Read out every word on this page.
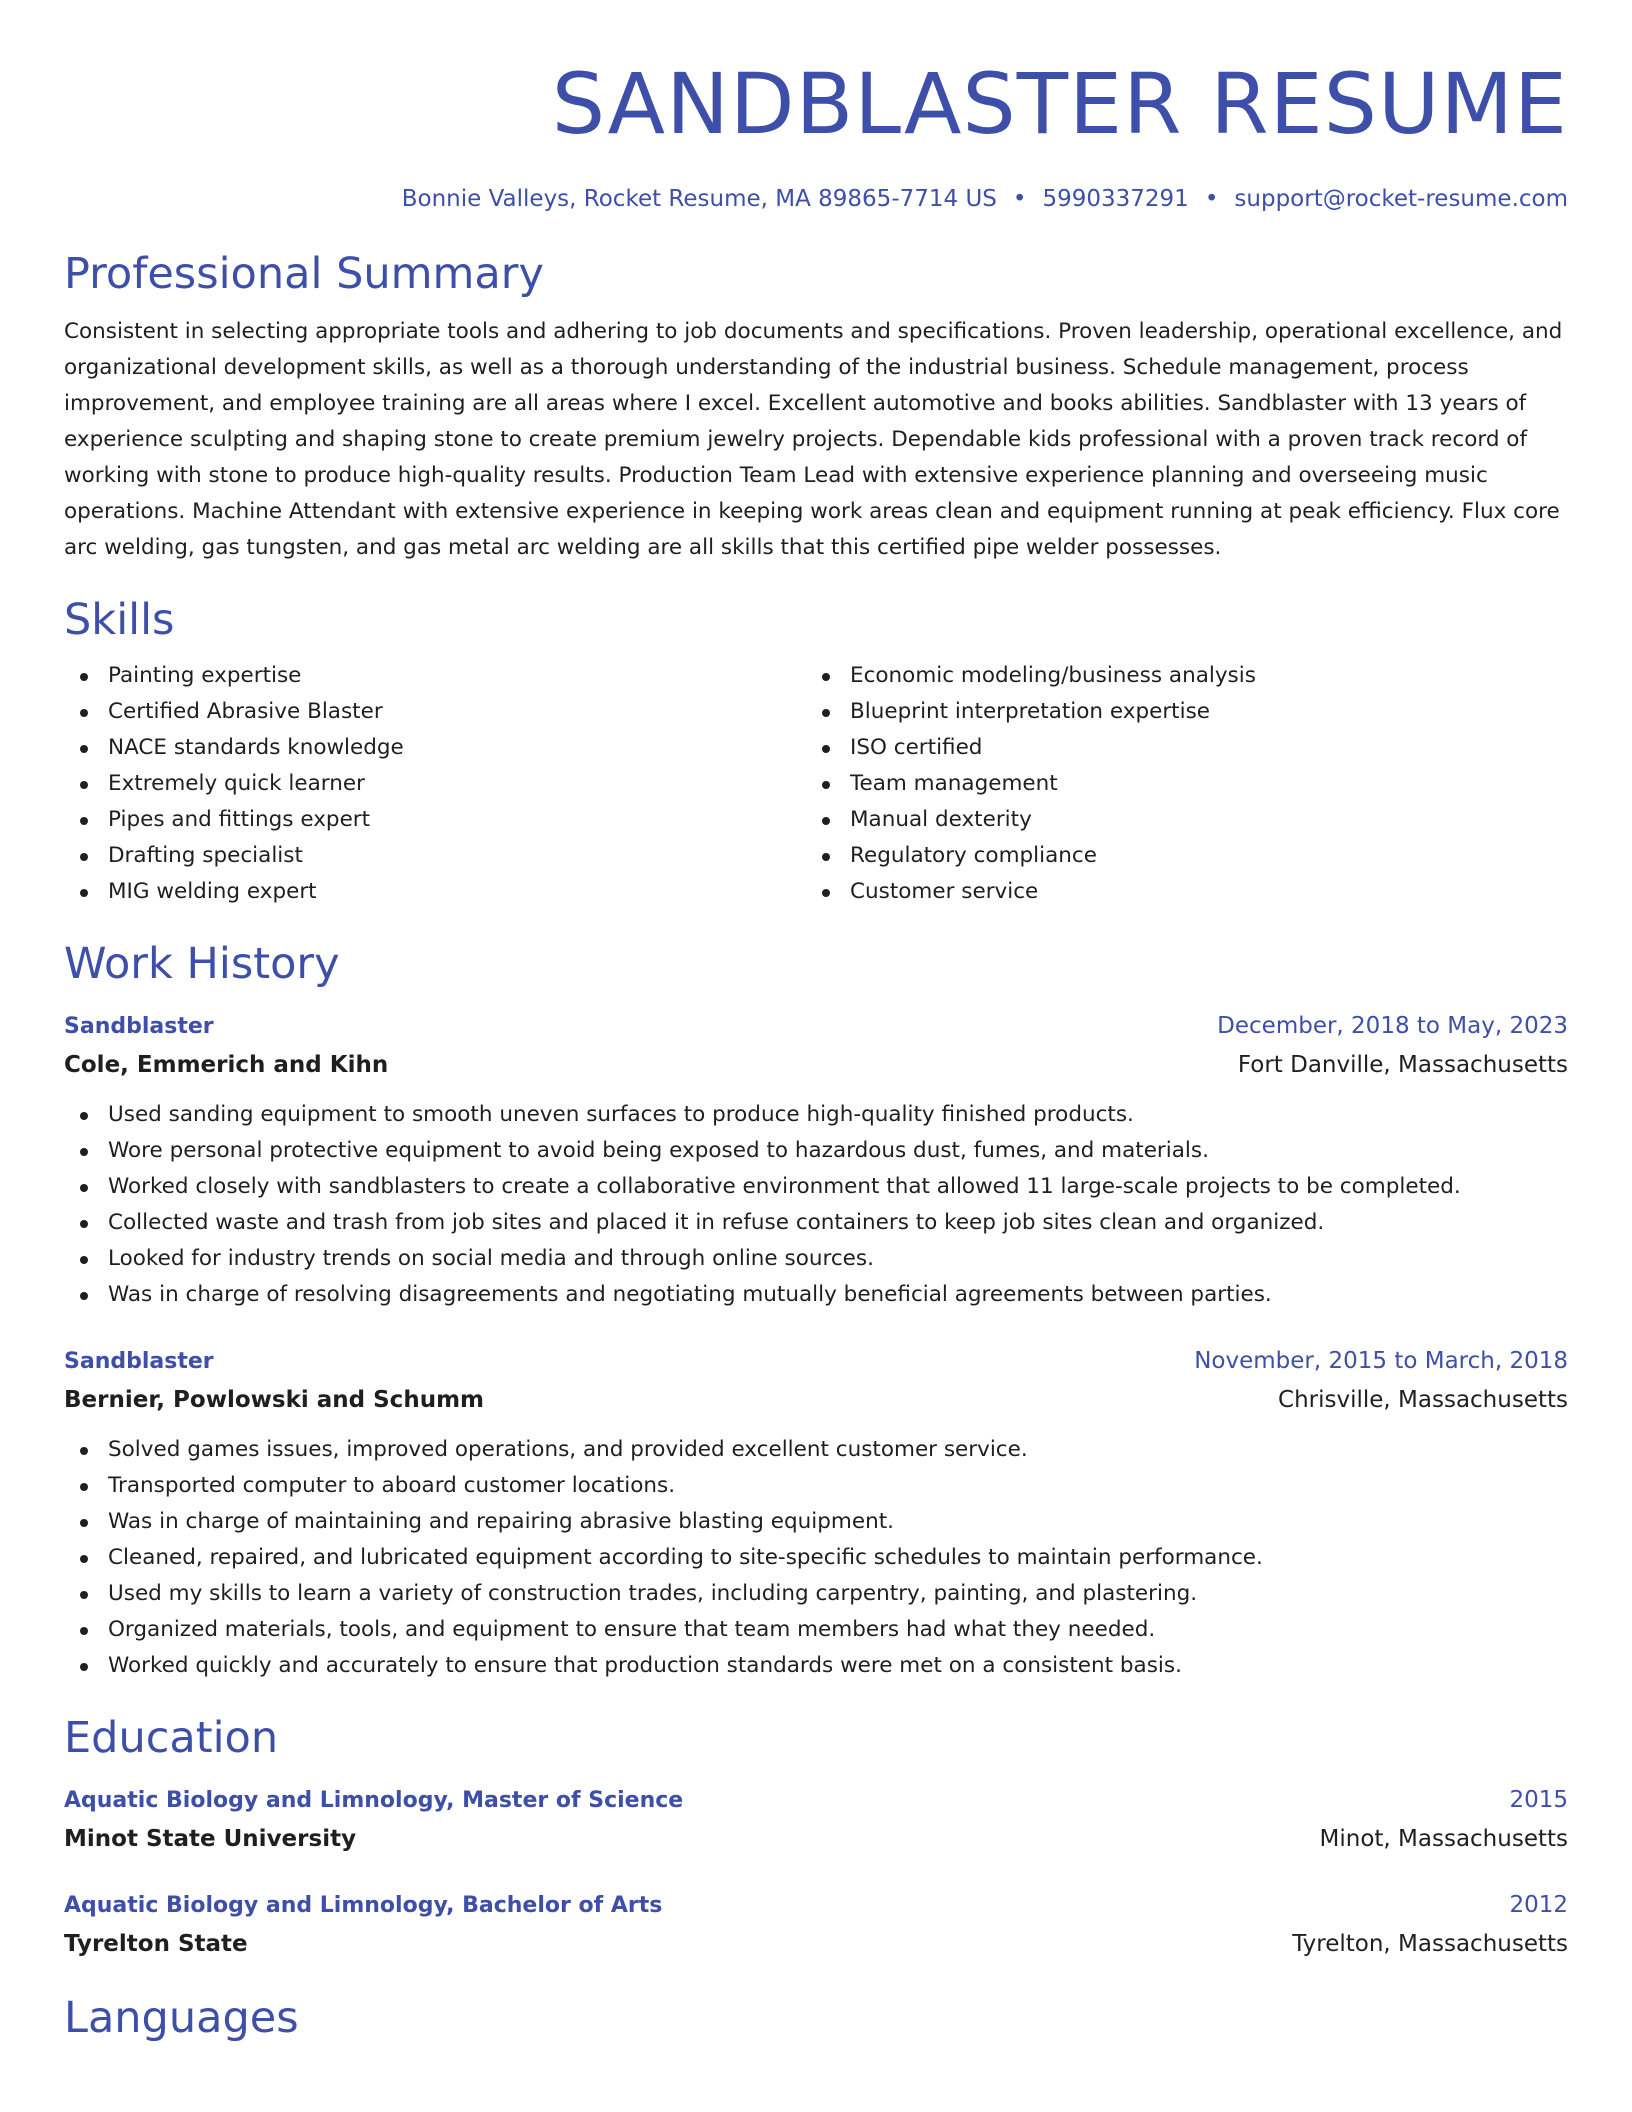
SANDBLASTER RESUME
Bonnie Valleys, Rocket Resume, MA 89865-7714 US • 5990337291 • support@rocket-resume.com
Professional Summary
Consistent in selecting appropriate tools and adhering to job documents and specifications. Proven leadership, operational excellence, and organizational development skills, as well as a thorough understanding of the industrial business. Schedule management, process improvement, and employee training are all areas where I excel. Excellent automotive and books abilities. Sandblaster with 13 years of experience sculpting and shaping stone to create premium jewelry projects. Dependable kids professional with a proven track record of working with stone to produce high-quality results. Production Team Lead with extensive experience planning and overseeing music operations. Machine Attendant with extensive experience in keeping work areas clean and equipment running at peak efficiency. Flux core arc welding, gas tungsten, and gas metal arc welding are all skills that this certified pipe welder possesses.
Skills
Painting expertise
Certified Abrasive Blaster
NACE standards knowledge
Extremely quick learner
Pipes and fittings expert
Drafting specialist
MIG welding expert
Economic modeling/business analysis
Blueprint interpretation expertise
ISO certified
Team management
Manual dexterity
Regulatory compliance
Customer service
Work History
Sandblaster	December, 2018 to May, 2023
Cole, Emmerich and Kihn	Fort Danville, Massachusetts
Used sanding equipment to smooth uneven surfaces to produce high-quality finished products.
Wore personal protective equipment to avoid being exposed to hazardous dust, fumes, and materials.
Worked closely with sandblasters to create a collaborative environment that allowed 11 large-scale projects to be completed.
Collected waste and trash from job sites and placed it in refuse containers to keep job sites clean and organized.
Looked for industry trends on social media and through online sources.
Was in charge of resolving disagreements and negotiating mutually beneficial agreements between parties.
Sandblaster	November, 2015 to March, 2018
Bernier, Powlowski and Schumm	Chrisville, Massachusetts
Solved games issues, improved operations, and provided excellent customer service.
Transported computer to aboard customer locations.
Was in charge of maintaining and repairing abrasive blasting equipment.
Cleaned, repaired, and lubricated equipment according to site-specific schedules to maintain performance.
Used my skills to learn a variety of construction trades, including carpentry, painting, and plastering.
Organized materials, tools, and equipment to ensure that team members had what they needed.
Worked quickly and accurately to ensure that production standards were met on a consistent basis.
Education
Aquatic Biology and Limnology, Master of Science	2015
Minot State University	Minot, Massachusetts
Aquatic Biology and Limnology, Bachelor of Arts	2012
Tyrelton State	Tyrelton, Massachusetts
Languages
